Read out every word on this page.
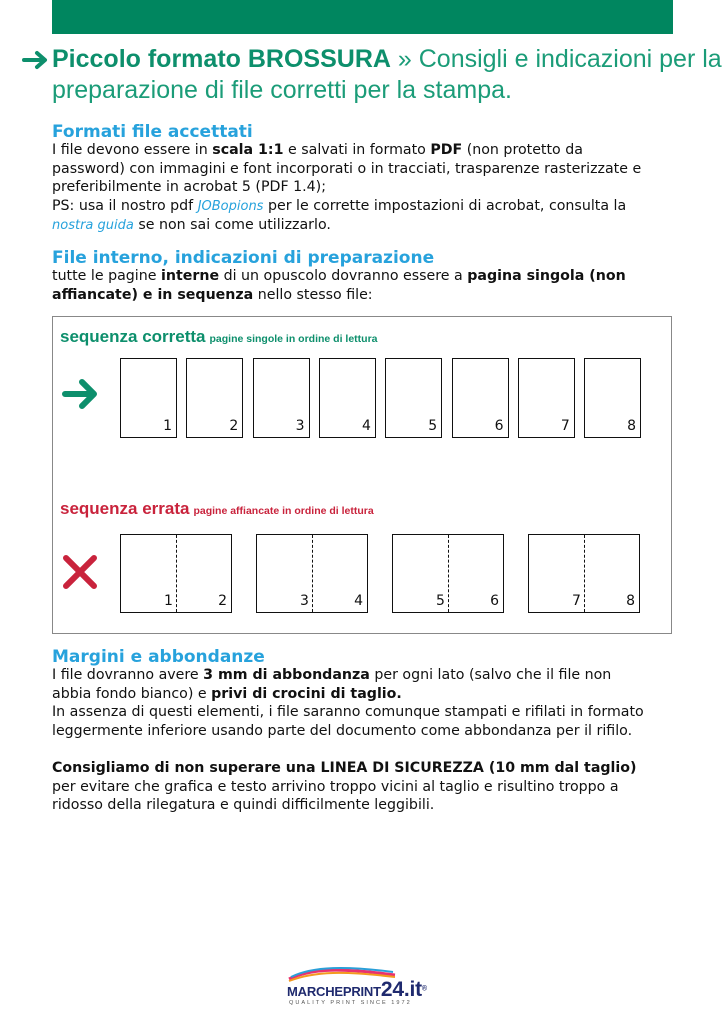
Piccolo formato BROSSURA » Consigli e indicazioni per la
preparazione di file corretti per la stampa.
Formati file accettati
I file devono essere in scala 1:1 e salvati in formato PDF (non protetto da
password) con immagini e font incorporati o in tracciati, trasparenze rasterizzate e
preferibilmente in acrobat 5 (PDF 1.4);
PS: usa il nostro pdf JOBopions per le corrette impostazioni di acrobat, consulta la
nostra guida se non sai come utilizzarlo.
File interno, indicazioni di preparazione
tutte le pagine interne di un opuscolo dovranno essere a pagina singola (non
affiancate) e in sequenza nello stesso file:
sequenza corretta pagine singole in ordine di lettura
1	2	3	4	5	6	7	8
sequenza errata pagine affiancate in ordine di lettura
1	2	3	4	5	6	7	8
Margini e abbondanze
I file dovranno avere 3 mm di abbondanza per ogni lato (salvo che il file non
abbia fondo bianco) e privi di crocini di taglio.
In assenza di questi elementi, i file saranno comunque stampati e rifilati in formato
leggermente inferiore usando parte del documento come abbondanza per il rifilo.

Consigliamo di non superare una LINEA DI SICUREZZA (10 mm dal taglio)
per evitare che grafica e testo arrivino troppo vicini al taglio e risultino troppo a
ridosso della rilegatura e quindi difficilmente leggibili.
MARCHEPRINT24.it®
QUALITY PRINT SINCE 1972
